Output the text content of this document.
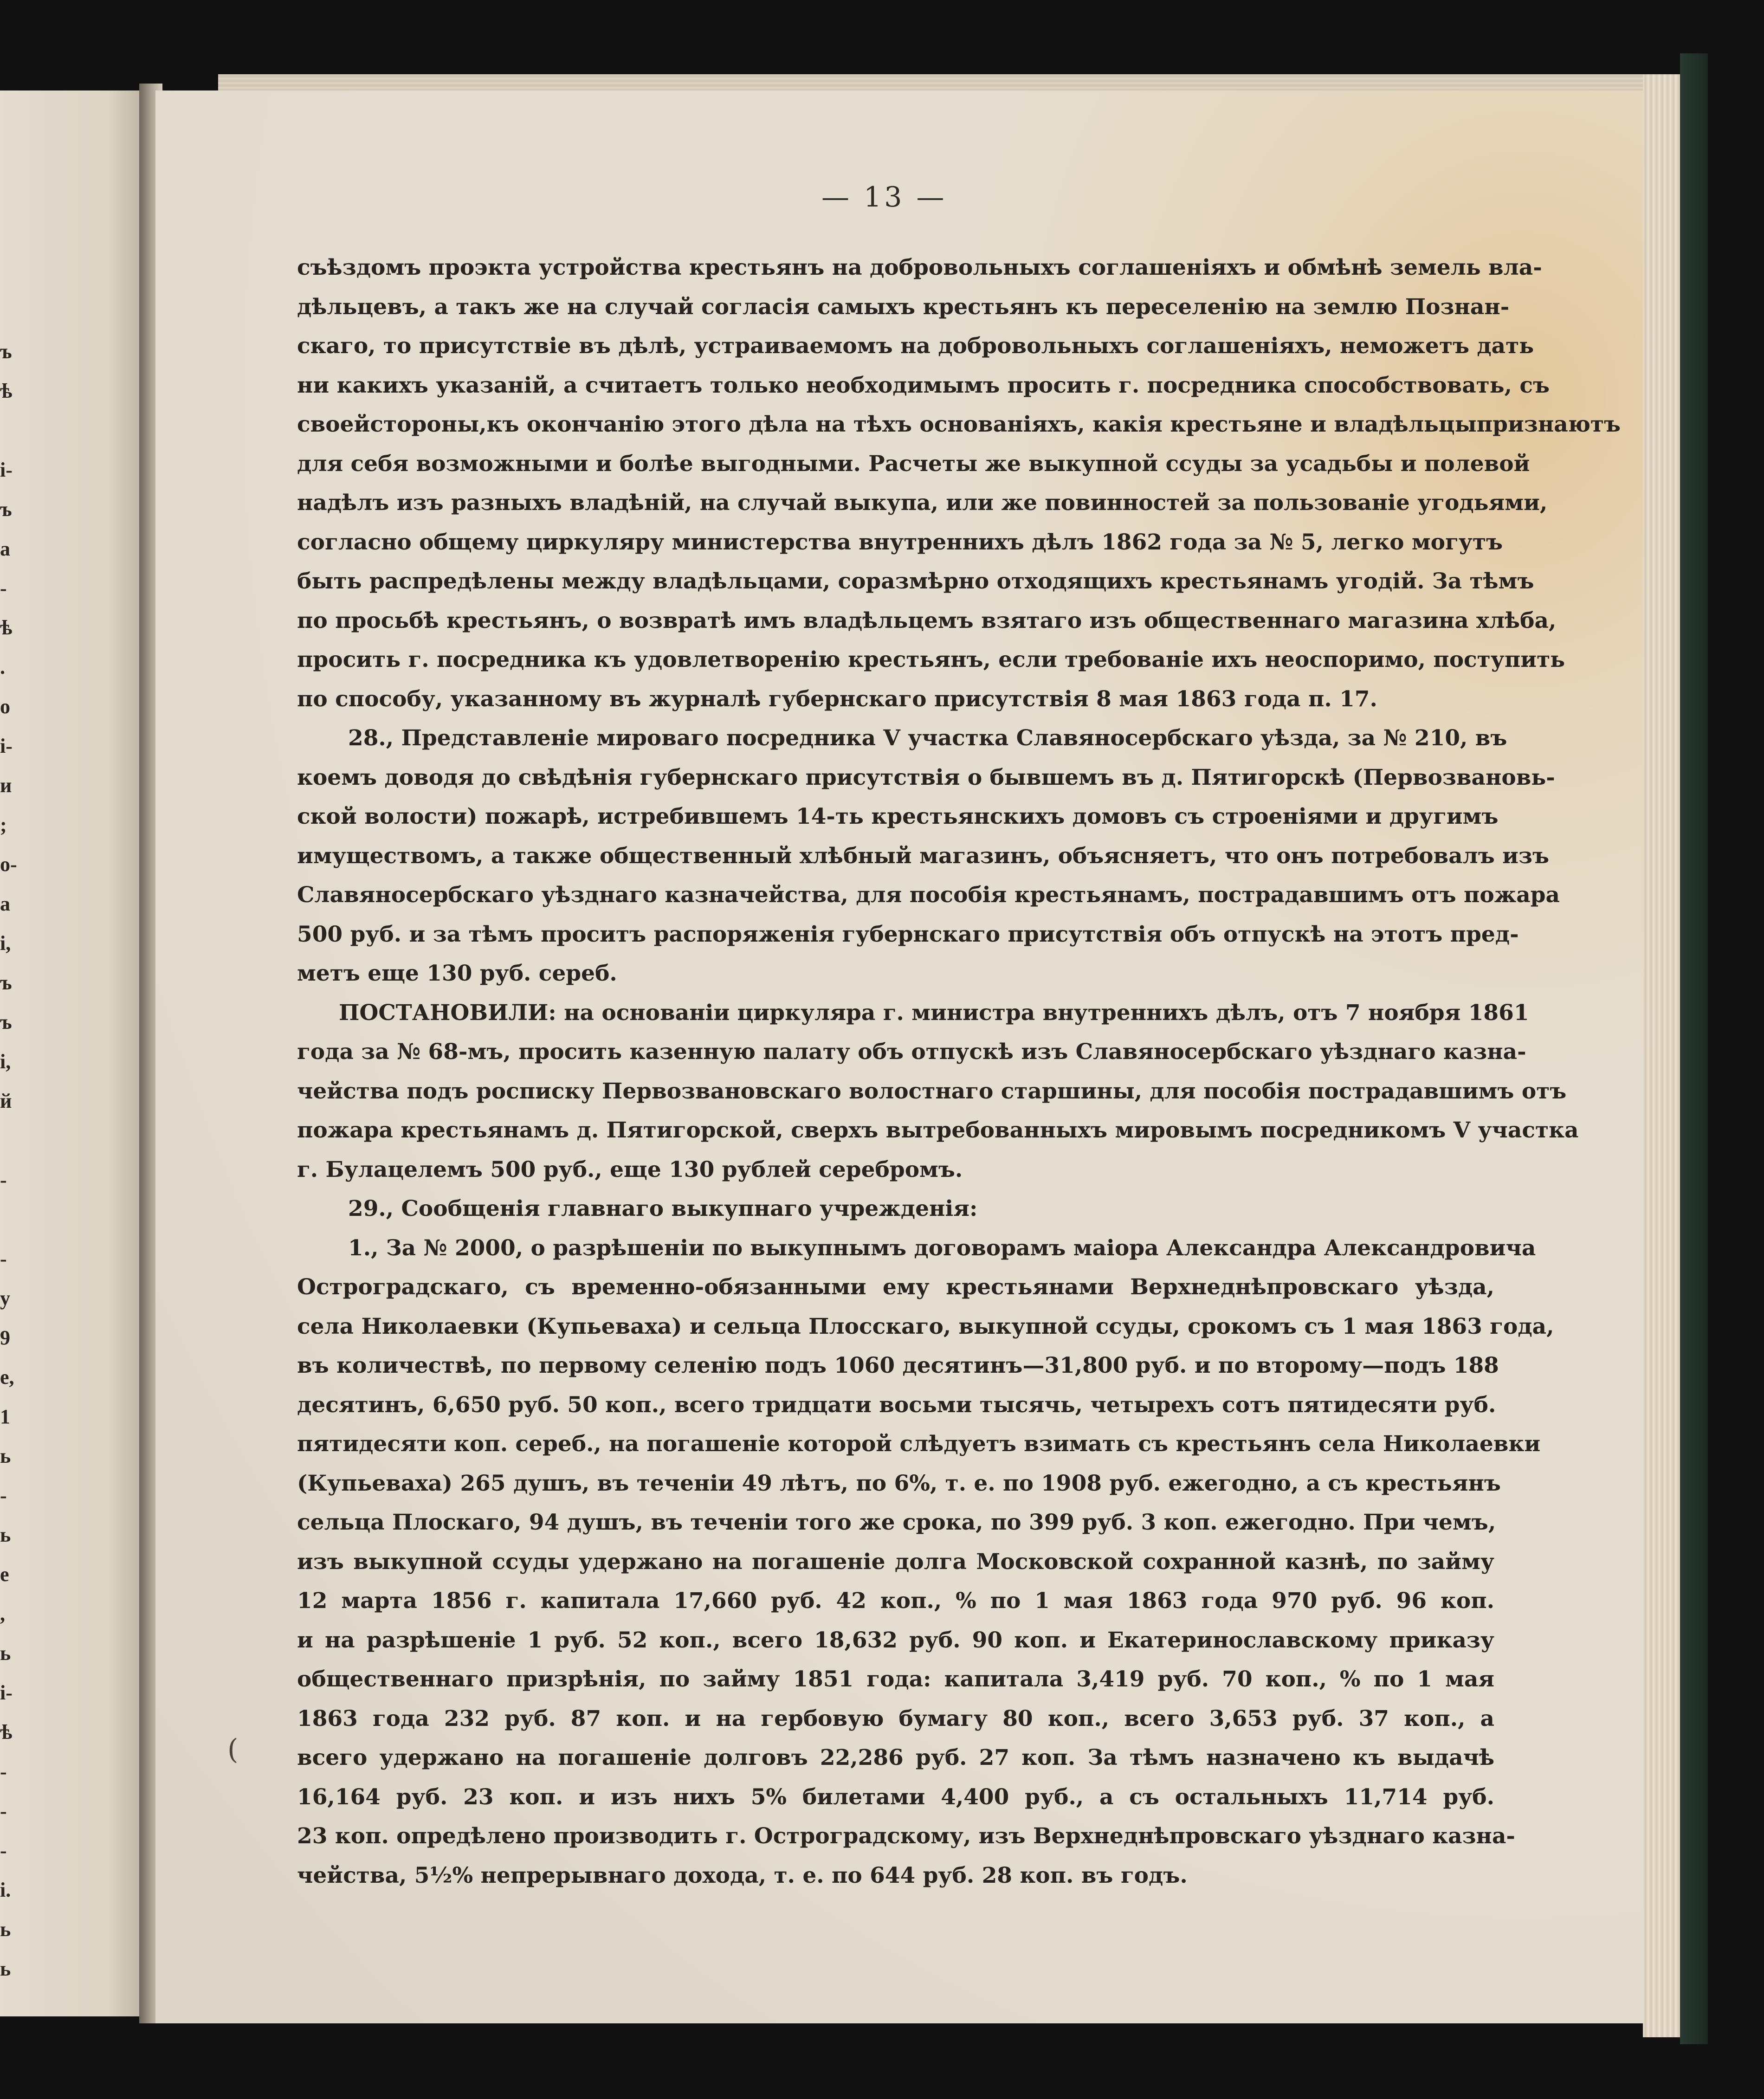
ъ
ѣ
і-
ъ
а
-
ѣ
.
о
і-
и
;
о-
а
і,
ъ
ъ
і,
й
-
-
у
9
е,
1
ь
-
ь
е
,
ь
і-
ѣ
-
-
-
і.
ь
ь
— 13 —
съѣздомъ проэкта устройства крестьянъ на добровольныхъ соглашеніяхъ и обмѣнѣ земель вла-
дѣльцевъ, а такъ же на случай согласія самыхъ крестьянъ къ переселенію на землю Познан-
скаго, то присутствіе въ дѣлѣ, устраиваемомъ на добровольныхъ соглашеніяхъ, неможетъ дать
ни какихъ указаній, а считаетъ только необходимымъ просить г. посредника способствовать, съ
своейстороны,къ окончанію этого дѣла на тѣхъ основаніяхъ, какія крестьяне и владѣльцыпризнаютъ
для себя возможными и болѣе выгодными. Расчеты же выкупной ссуды за усадьбы и полевой
надѣлъ изъ разныхъ владѣній, на случай выкупа, или же повинностей за пользованіе угодьями,
согласно общему циркуляру министерства внутреннихъ дѣлъ 1862 года за № 5, легко могутъ
быть распредѣлены между владѣльцами, соразмѣрно отходящихъ крестьянамъ угодій. За тѣмъ
по просьбѣ крестьянъ, о возвратѣ имъ владѣльцемъ взятаго изъ общественнаго магазина хлѣба,
просить г. посредника къ удовлетворенію крестьянъ, если требованіе ихъ неоспоримо, поступить
по способу, указанному въ журналѣ губернскаго присутствія 8 мая 1863 года п. 17.
28., Представленіе мироваго посредника V участка Славяносербскаго уѣзда, за № 210, въ
коемъ доводя до свѣдѣнія губернскаго присутствія о бывшемъ въ д. Пятигорскѣ (Первозвановь-
ской волости) пожарѣ, истребившемъ 14-ть крестьянскихъ домовъ съ строеніями и другимъ
имуществомъ, а также общественный хлѣбный магазинъ, объясняетъ, что онъ потребовалъ изъ
Славяносербскаго уѣзднаго казначейства, для пособія крестьянамъ, пострадавшимъ отъ пожара
500 руб. и за тѣмъ проситъ распоряженія губернскаго присутствія объ отпускѣ на этотъ пред-
метъ еще 130 руб. сереб.
ПОСТАНОВИЛИ: на основаніи циркуляра г. министра внутреннихъ дѣлъ, отъ 7 ноября 1861
года за № 68-мъ, просить казенную палату объ отпускѣ изъ Славяносербскаго уѣзднаго казна-
чейства подъ росписку Первозвановскаго волостнаго старшины, для пособія пострадавшимъ отъ
пожара крестьянамъ д. Пятигорской, сверхъ вытребованныхъ мировымъ посредникомъ V участка
г. Булацелемъ 500 руб., еще 130 рублей серебромъ.
29., Сообщенія главнаго выкупнаго учрежденія:
1., За № 2000, о разрѣшеніи по выкупнымъ договорамъ маіора Александра Александровича
Остроградскаго, съ временно-обязанными ему крестьянами Верхнеднѣпровскаго уѣзда,
села Николаевки (Купьеваха) и сельца Плосскаго, выкупной ссуды, срокомъ съ 1 мая 1863 года,
въ количествѣ, по первому селенію подъ 1060 десятинъ—31,800 руб. и по второму—подъ 188
десятинъ, 6,650 руб. 50 коп., всего тридцати восьми тысячь, четырехъ сотъ пятидесяти руб.
пятидесяти коп. сереб., на погашеніе которой слѣдуетъ взимать съ крестьянъ села Николаевки
(Купьеваха) 265 душъ, въ теченіи 49 лѣтъ, по 6%, т. е. по 1908 руб. ежегодно, а съ крестьянъ
сельца Плоскаго, 94 душъ, въ теченіи того же срока, по 399 руб. 3 коп. ежегодно. При чемъ,
изъ выкупной ссуды удержано на погашеніе долга Московской сохранной казнѣ, по займу
12 марта 1856 г. капитала 17,660 руб. 42 коп., % по 1 мая 1863 года 970 руб. 96 коп.
и на разрѣшеніе 1 руб. 52 коп., всего 18,632 руб. 90 коп. и Екатеринославскому приказу
общественнаго призрѣнія, по займу 1851 года: капитала 3,419 руб. 70 коп., % по 1 мая
1863 года 232 руб. 87 коп. и на гербовую бумагу 80 коп., всего 3,653 руб. 37 коп., а
всего удержано на погашеніе долговъ 22,286 руб. 27 коп. За тѣмъ назначено къ выдачѣ
16,164 руб. 23 коп. и изъ нихъ 5% билетами 4,400 руб., а съ остальныхъ 11,714 руб.
23 коп. опредѣлено производить г. Остроградскому, изъ Верхнеднѣпровскаго уѣзднаго казна-
чейства, 5½% непрерывнаго дохода, т. е. по 644 руб. 28 коп. въ годъ.
(
